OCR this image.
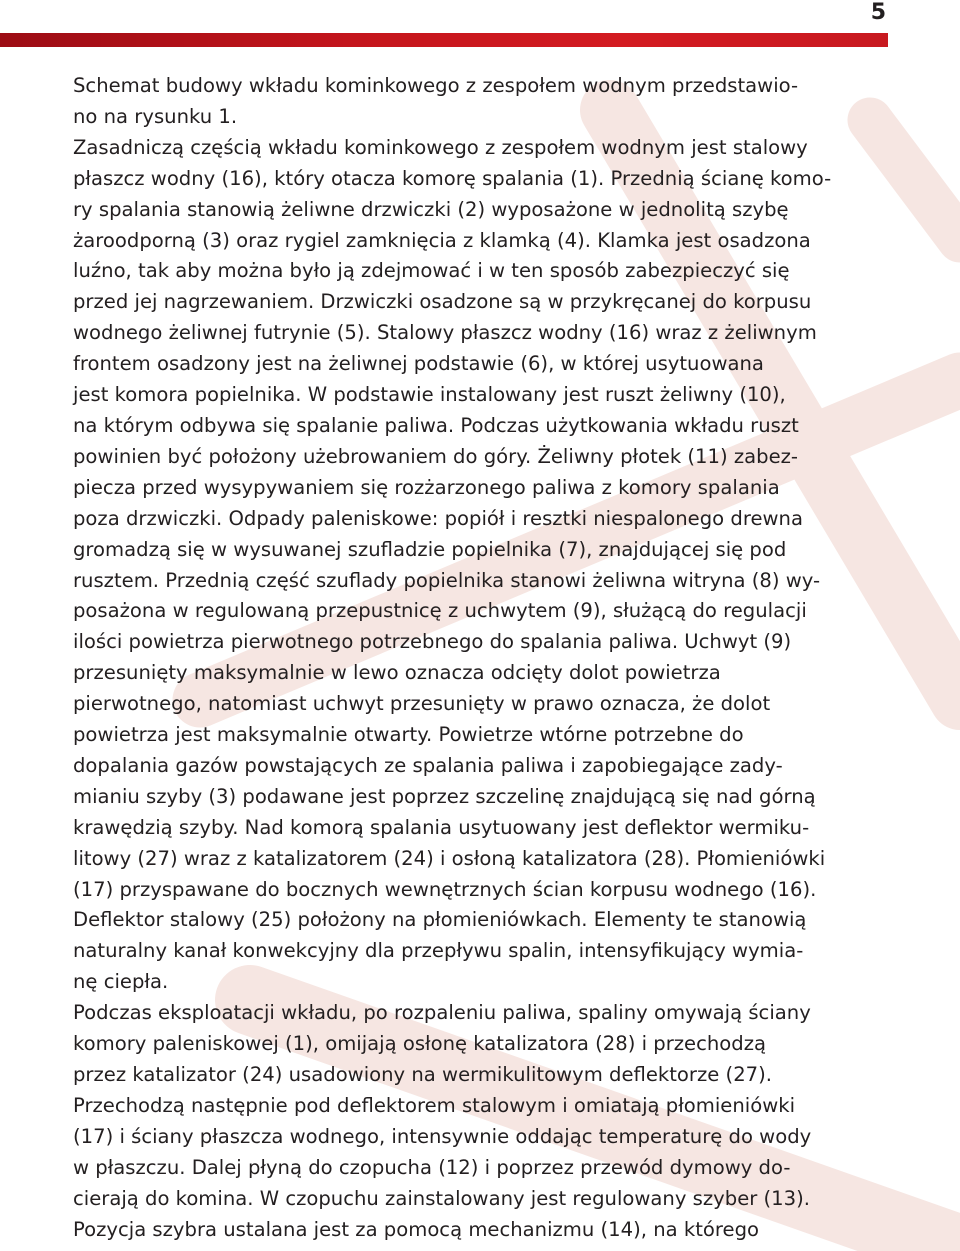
5
Schemat budowy wkładu kominkowego z zespołem wodnym przedstawio-
no na rysunku 1.
Zasadniczą częścią wkładu kominkowego z zespołem wodnym jest stalowy
płaszcz wodny (16), który otacza komorę spalania (1). Przednią ścianę komo-
ry spalania stanowią żeliwne drzwiczki (2) wyposażone w jednolitą szybę
żaroodporną (3) oraz rygiel zamknięcia z klamką (4). Klamka jest osadzona
luźno, tak aby można było ją zdejmować i w ten sposób zabezpieczyć się
przed jej nagrzewaniem. Drzwiczki osadzone są w przykręcanej do korpusu
wodnego żeliwnej futrynie (5). Stalowy płaszcz wodny (16) wraz z żeliwnym
frontem osadzony jest na żeliwnej podstawie (6), w której usytuowana
jest komora popielnika. W podstawie instalowany jest ruszt żeliwny (10),
na którym odbywa się spalanie paliwa. Podczas użytkowania wkładu ruszt
powinien być położony użebrowaniem do góry. Żeliwny płotek (11) zabez-
piecza przed wysypywaniem się rozżarzonego paliwa z komory spalania
poza drzwiczki. Odpady paleniskowe: popiół i resztki niespalonego drewna
gromadzą się w wysuwanej szufladzie popielnika (7), znajdującej się pod
rusztem. Przednią część szuflady popielnika stanowi żeliwna witryna (8) wy-
posażona w regulowaną przepustnicę z uchwytem (9), służącą do regulacji
ilości powietrza pierwotnego potrzebnego do spalania paliwa. Uchwyt (9)
przesunięty maksymalnie w lewo oznacza odcięty dolot powietrza
pierwotnego, natomiast uchwyt przesunięty w prawo oznacza, że dolot
powietrza jest maksymalnie otwarty. Powietrze wtórne potrzebne do
dopalania gazów powstających ze spalania paliwa i zapobiegające zady-
mianiu szyby (3) podawane jest poprzez szczelinę znajdującą się nad górną
krawędzią szyby. Nad komorą spalania usytuowany jest deflektor wermiku-
litowy (27) wraz z katalizatorem (24) i osłoną katalizatora (28). Płomieniówki
(17) przyspawane do bocznych wewnętrznych ścian korpusu wodnego (16).
Deflektor stalowy (25) położony na płomieniówkach. Elementy te stanowią
naturalny kanał konwekcyjny dla przepływu spalin, intensyfikujący wymia-
nę ciepła.
Podczas eksploatacji wkładu, po rozpaleniu paliwa, spaliny omywają ściany
komory paleniskowej (1), omijają osłonę katalizatora (28) i przechodzą
przez katalizator (24) usadowiony na wermikulitowym deflektorze (27).
Przechodzą następnie pod deflektorem stalowym i omiatają płomieniówki
(17) i ściany płaszcza wodnego, intensywnie oddając temperaturę do wody
w płaszczu. Dalej płyną do czopucha (12) i poprzez przewód dymowy do-
cierają do komina. W czopuchu zainstalowany jest regulowany szyber (13).
Pozycja szybra ustalana jest za pomocą mechanizmu (14), na którego
